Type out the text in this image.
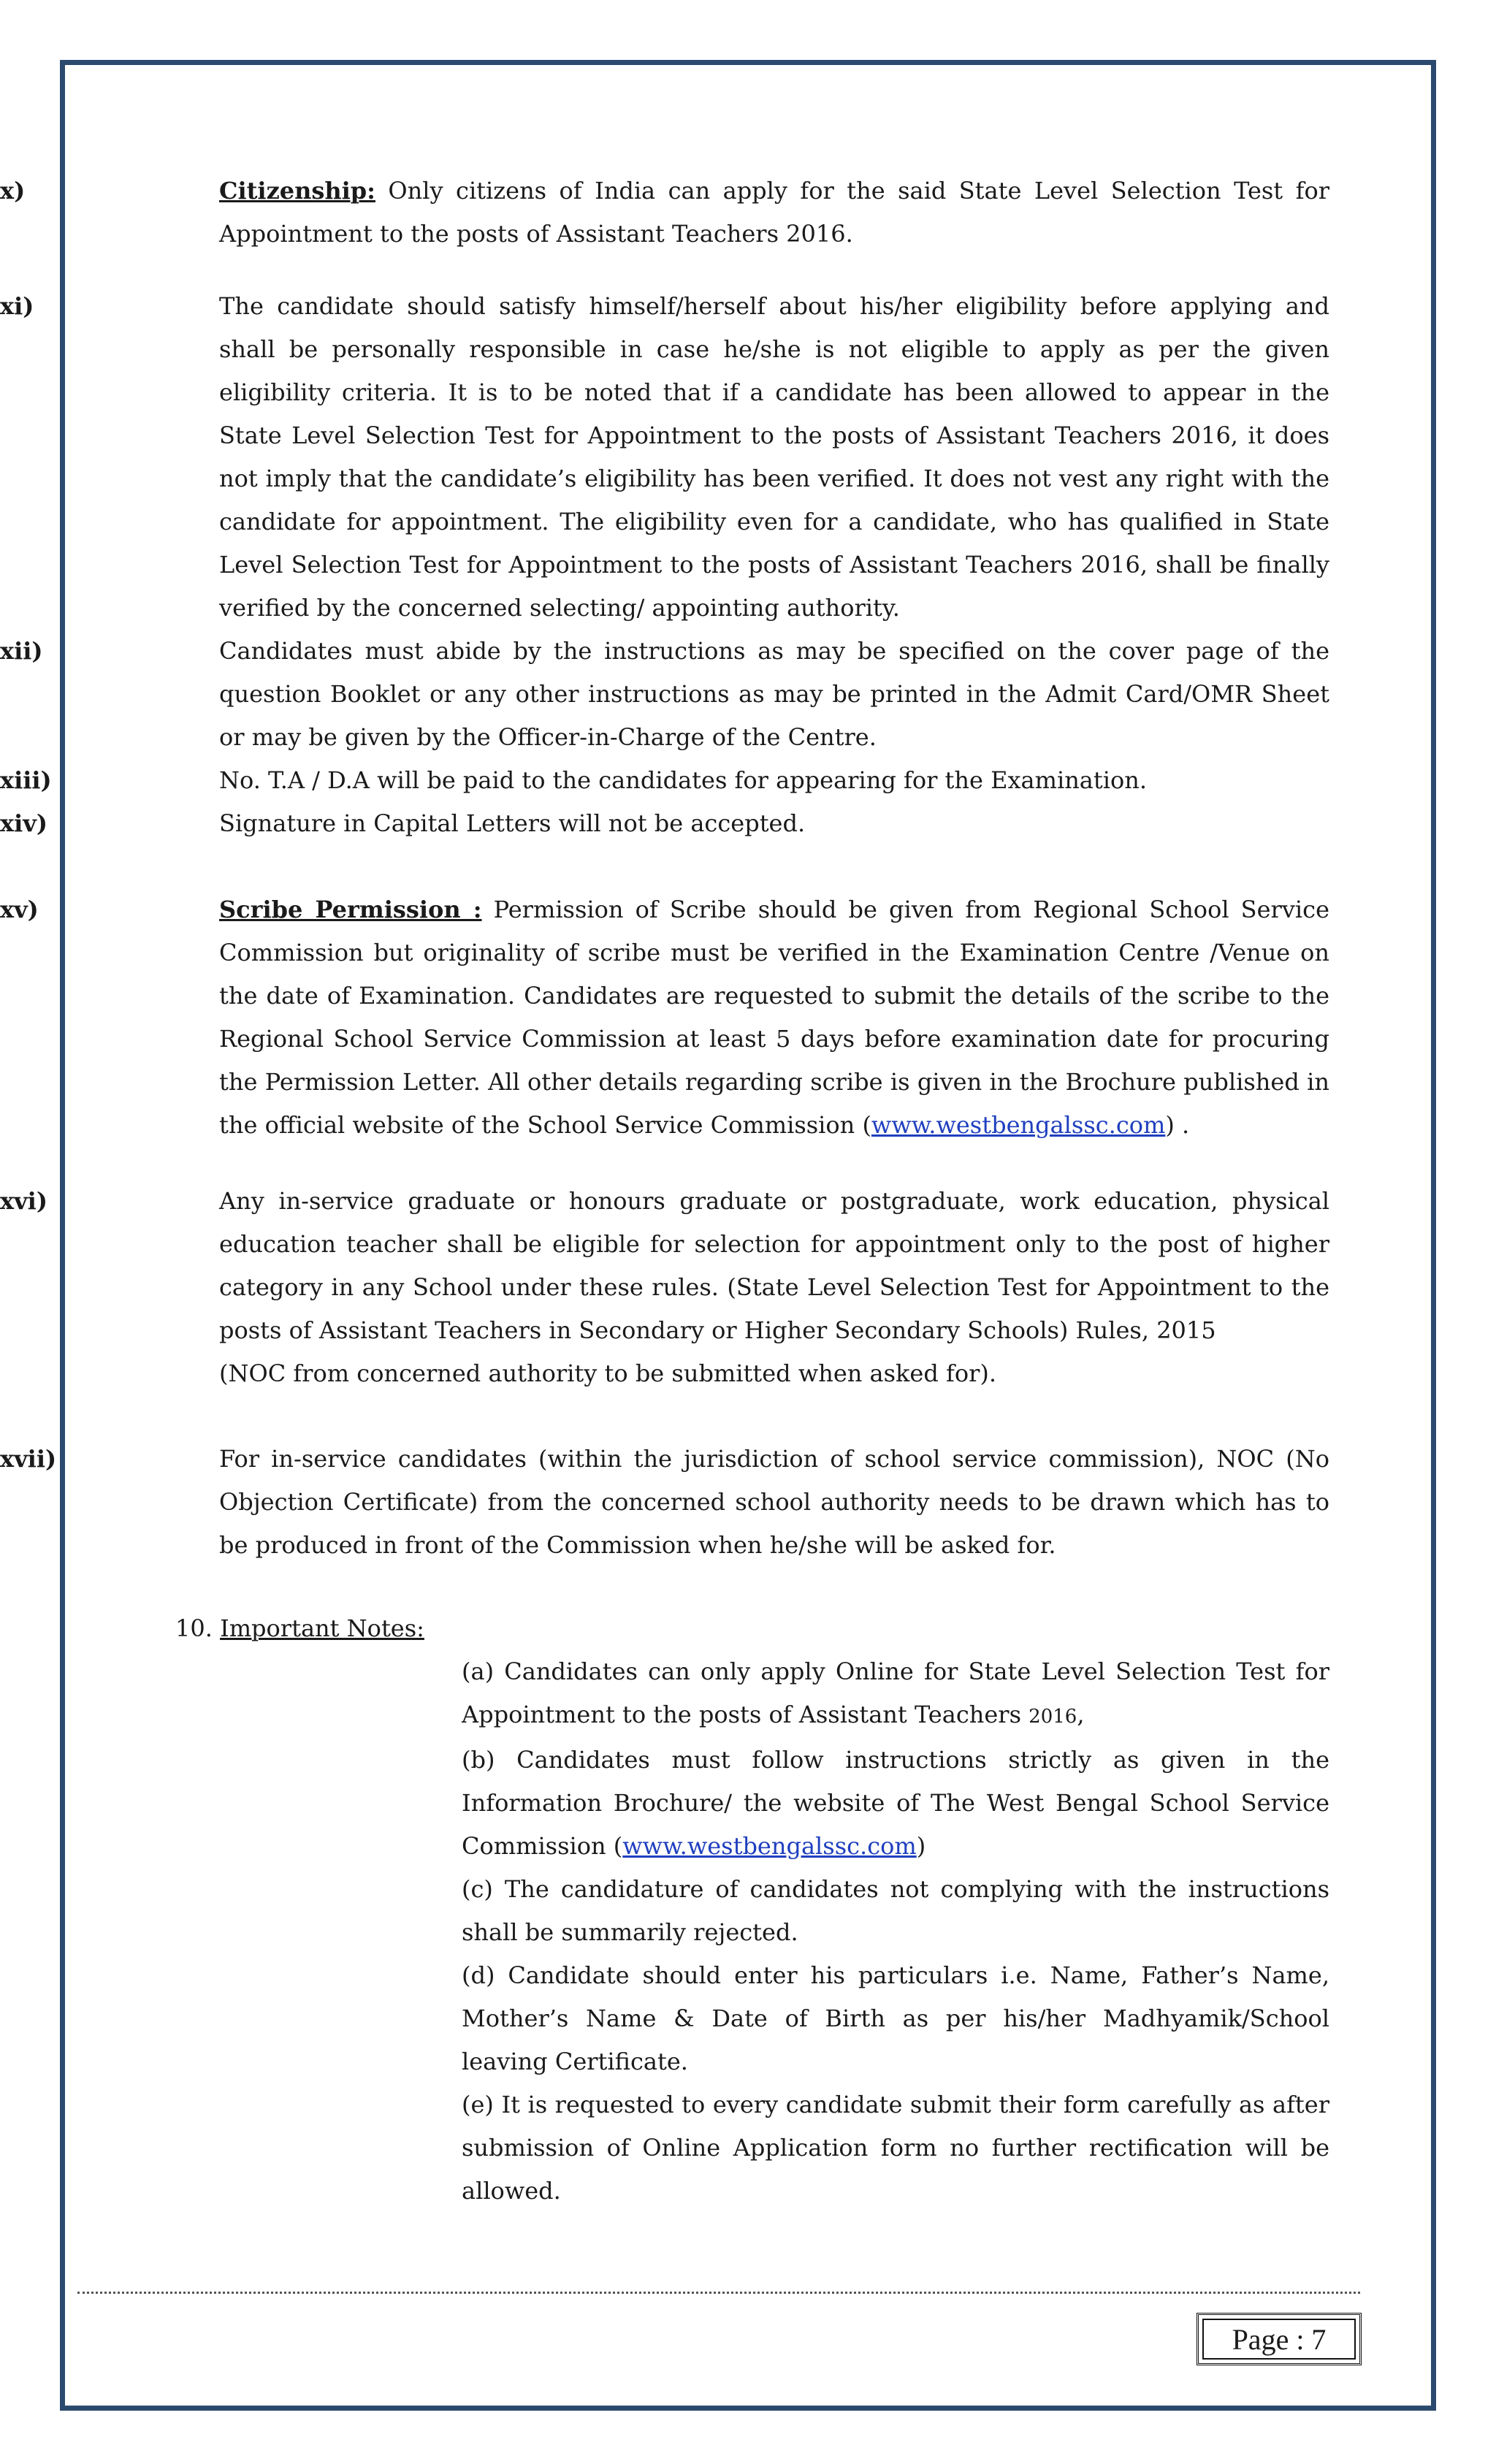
x)	Citizenship: Only citizens of India can apply for the said State Level Selection Test for Appointment to the posts of Assistant Teachers 2016.

xi)	The candidate should satisfy himself/herself about his/her eligibility before applying and shall be personally responsible in case he/she is not eligible to apply as per the given eligibility criteria. It is to be noted that if a candidate has been allowed to appear in the State Level Selection Test for Appointment to the posts of Assistant Teachers 2016, it does not imply that the candidate’s eligibility has been verified. It does not vest any right with the candidate for appointment. The eligibility even for a candidate, who has qualified in State Level Selection Test for Appointment to the posts of Assistant Teachers 2016, shall be finally verified by the concerned selecting/ appointing authority.

xii)	Candidates must abide by the instructions as may be specified on the cover page of the question Booklet or any other instructions as may be printed in the Admit Card/OMR Sheet or may be given by the Officer-in-Charge of the Centre.

xiii)	No. T.A / D.A will be paid to the candidates for appearing for the Examination.

xiv)	Signature in Capital Letters will not be accepted.

xv)	Scribe Permission : Permission of Scribe should be given from Regional School Service Commission but originality of scribe must be verified in the Examination Centre /Venue on the date of Examination. Candidates are requested to submit the details of the scribe to the Regional School Service Commission at least 5 days before examination date for procuring the Permission Letter. All other details regarding scribe is given in the Brochure published in the official website of the School Service Commission (www.westbengalssc.com) .

xvi)	Any in-service graduate or honours graduate or postgraduate, work education, physical education teacher shall be eligible for selection for appointment only to the post of higher category in any School under these rules. (State Level Selection Test for Appointment to the posts of Assistant Teachers in Secondary or Higher Secondary Schools) Rules, 2015

(NOC from concerned authority to be submitted when asked for).

xvii)	For in-service candidates (within the jurisdiction of school service commission), NOC (No Objection Certificate) from the concerned school authority needs to be drawn which has to be produced in front of the Commission when he/she will be asked for.

10. Important Notes:

(a) Candidates can only apply Online for State Level Selection Test for Appointment to the posts of Assistant Teachers 2016,

(b) Candidates must follow instructions strictly as given in the Information Brochure/ the website of The West Bengal School Service Commission (www.westbengalssc.com)

(c) The candidature of candidates not complying with the instructions shall be summarily rejected.

(d) Candidate should enter his particulars i.e. Name, Father’s Name, Mother’s Name & Date of Birth as per his/her Madhyamik/School leaving Certificate.

(e) It is requested to every candidate submit their form carefully as after submission of Online Application form no further rectification will be allowed.

Page : 7
